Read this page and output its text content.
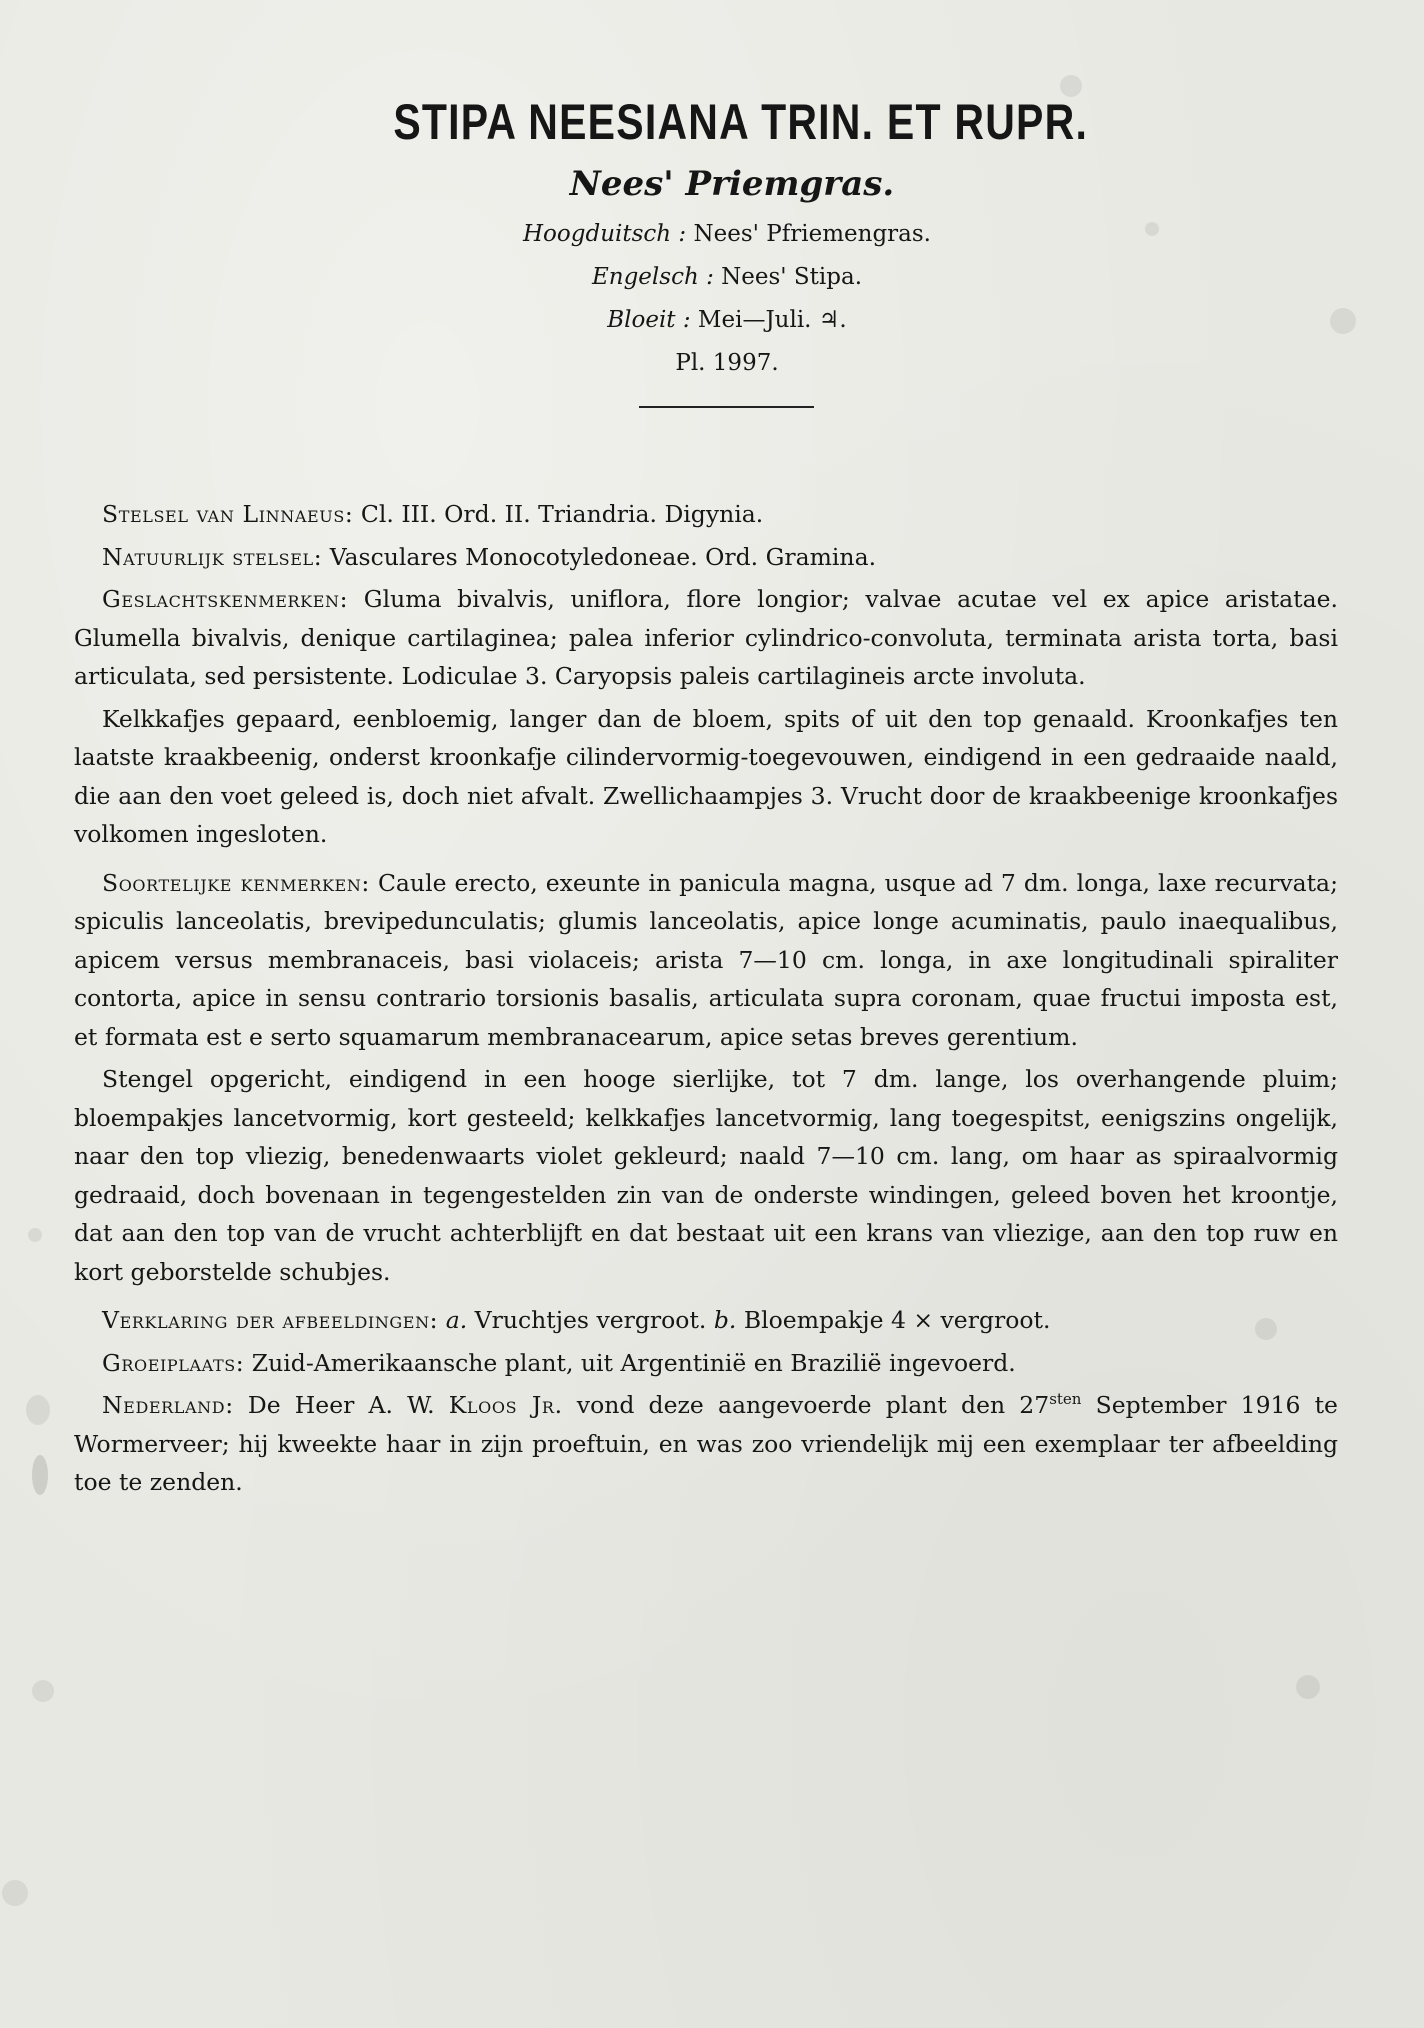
STIPA NEESIANA TRIN. ET RUPR.
Nees' Priemgras.
Hoogduitsch : Nees' Pfriemengras.
Engelsch : Nees' Stipa.
Bloeit : Mei—Juli. ♃.
Pl. 1997.

Stelsel van Linnaeus: Cl. III. Ord. II. Triandria. Digynia.

Natuurlijk stelsel: Vasculares Monocotyledoneae. Ord. Gramina.

Geslachtskenmerken: Gluma bivalvis, uniflora, flore longior; valvae acutae vel ex apice aristatae. Glumella bivalvis, denique cartilaginea; palea inferior cylindrico-convoluta, terminata arista torta, basi articulata, sed persistente. Lodiculae 3. Caryopsis paleis cartilagineis arcte involuta.

Kelkkafjes gepaard, eenbloemig, langer dan de bloem, spits of uit den top genaald. Kroonkafjes ten laatste kraakbeenig, onderst kroonkafje cilindervormig-toegevouwen, eindigend in een gedraaide naald, die aan den voet geleed is, doch niet afvalt. Zwellichaampjes 3. Vrucht door de kraakbeenige kroonkafjes volkomen ingesloten.

Soortelijke kenmerken: Caule erecto, exeunte in panicula magna, usque ad 7 dm. longa, laxe recurvata; spiculis lanceolatis, brevipedunculatis; glumis lanceolatis, apice longe acuminatis, paulo inaequalibus, apicem versus membranaceis, basi violaceis; arista 7—10 cm. longa, in axe longitudinali spiraliter contorta, apice in sensu contrario torsionis basalis, articulata supra coronam, quae fructui imposta est, et formata est e serto squamarum membranacearum, apice setas breves gerentium.

Stengel opgericht, eindigend in een hooge sierlijke, tot 7 dm. lange, los overhangende pluim; bloempakjes lancetvormig, kort gesteeld; kelkkafjes lancetvormig, lang toegespitst, eenigszins ongelijk, naar den top vliezig, benedenwaarts violet gekleurd; naald 7—10 cm. lang, om haar as spiraalvormig gedraaid, doch bovenaan in tegengestelden zin van de onderste windingen, geleed boven het kroontje, dat aan den top van de vrucht achterblijft en dat bestaat uit een krans van vliezige, aan den top ruw en kort geborstelde schubjes.

Verklaring der afbeeldingen: a. Vruchtjes vergroot. b. Bloempakje 4 × vergroot.

Groeiplaats: Zuid-Amerikaansche plant, uit Argentinië en Brazilië ingevoerd.

Nederland: De Heer A. W. Kloos Jr. vond deze aangevoerde plant den $27^{sten}$ September 1916 te Wormerveer; hij kweekte haar in zijn proeftuin, en was zoo vriendelijk mij een exemplaar ter afbeelding toe te zenden.
